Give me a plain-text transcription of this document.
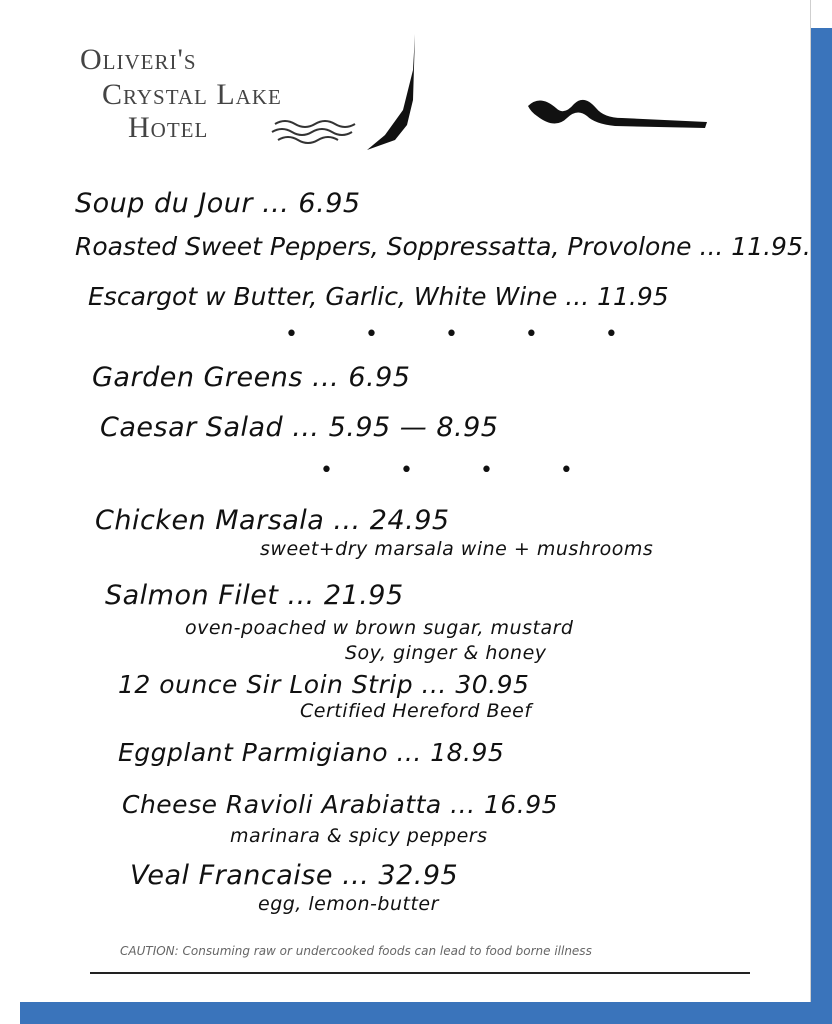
Oliveri's
Crystal Lake
Hotel
Soup du Jour ... 6.95
Roasted Sweet Peppers, Soppressatta, Provolone ... 11.95.
Escargot w Butter, Garlic, White Wine ... 11.95
• • • • •
Garden Greens ... 6.95
Caesar Salad ... 5.95 — 8.95
• • • •
Chicken Marsala ... 24.95
sweet+dry marsala wine + mushrooms
Salmon Filet ... 21.95
oven-poached w brown sugar, mustard
Soy, ginger & honey
12 ounce Sir Loin Strip ... 30.95
Certified Hereford Beef
Eggplant Parmigiano ... 18.95
Cheese Ravioli Arabiatta ... 16.95
marinara & spicy peppers
Veal Francaise ... 32.95
egg, lemon-butter
CAUTION: Consuming raw or undercooked foods can lead to food borne illness
